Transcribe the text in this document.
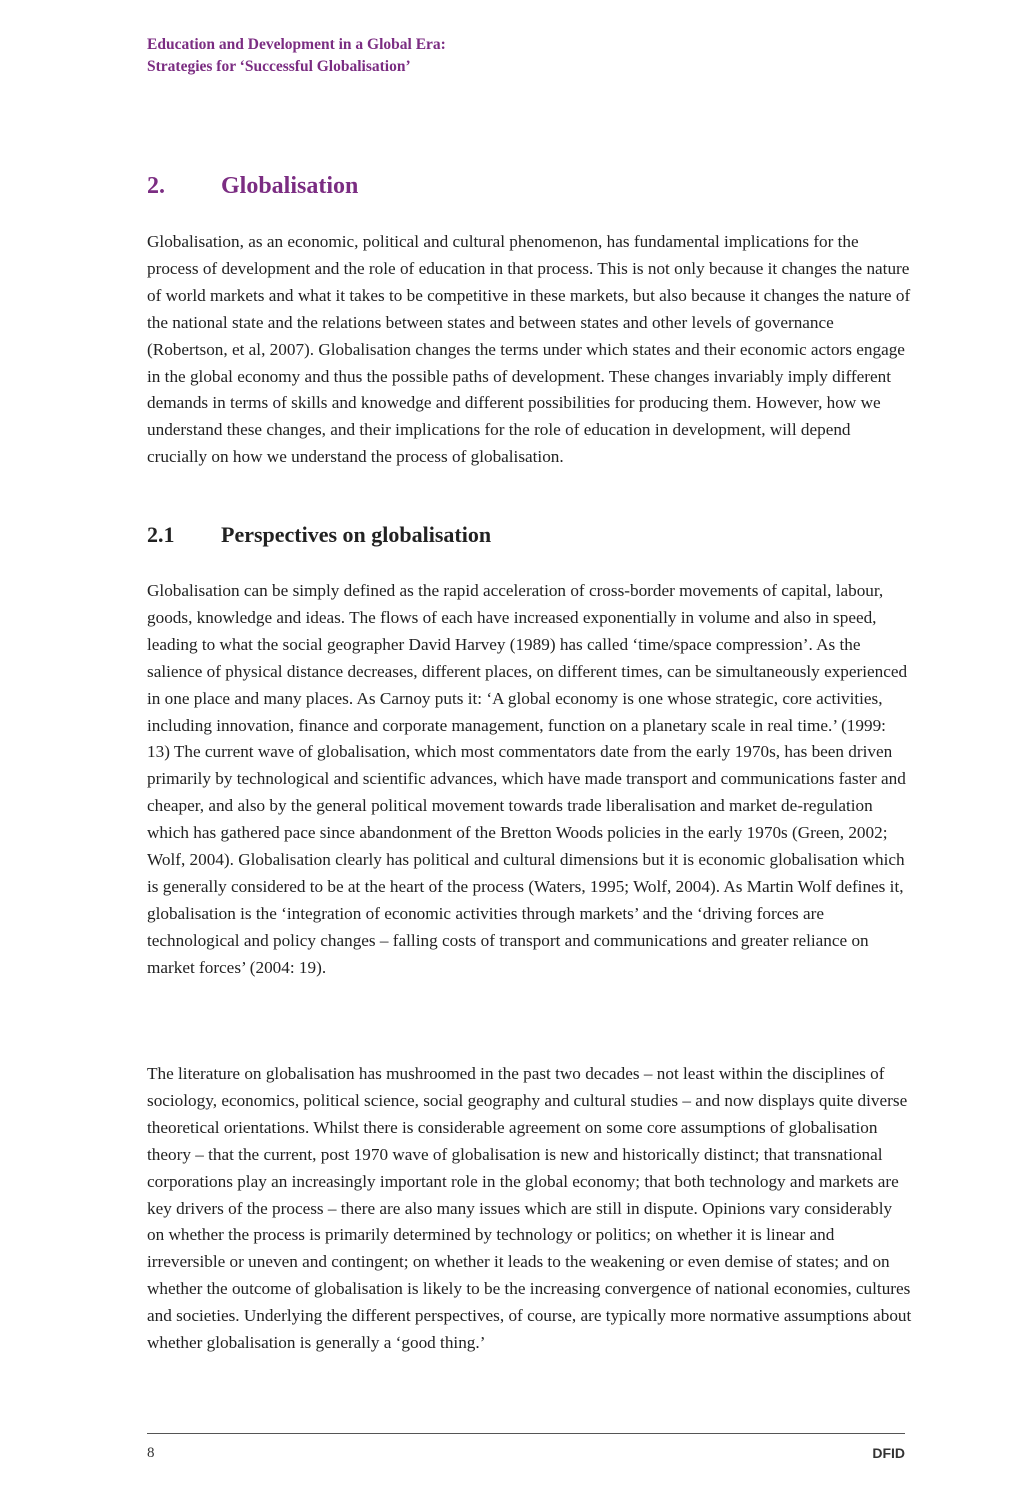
Education and Development in a Global Era:
Strategies for ‘Successful Globalisation’
2. Globalisation

Globalisation, as an economic, political and cultural phenomenon, has fundamental implications for the process of development and the role of education in that process. This is not only because it changes the nature of world markets and what it takes to be competitive in these markets, but also because it changes the nature of the national state and the relations between states and between states and other levels of governance (Robertson, et al, 2007). Globalisation changes the terms under which states and their economic actors engage in the global economy and thus the possible paths of development. These changes invariably imply different demands in terms of skills and knowedge and different possibilities for producing them. However, how we understand these changes, and their implications for the role of education in development, will depend crucially on how we understand the process of globalisation.

2.1 Perspectives on globalisation

Globalisation can be simply defined as the rapid acceleration of cross-border movements of capital, labour, goods, knowledge and ideas. The flows of each have increased exponentially in volume and also in speed, leading to what the social geographer David Harvey (1989) has called ‘time/space compression’. As the salience of physical distance decreases, different places, on different times, can be simultaneously experienced in one place and many places. As Carnoy puts it: ‘A global economy is one whose strategic, core activities, including innovation, finance and corporate management, function on a planetary scale in real time.’ (1999: 13) The current wave of globalisation, which most commentators date from the early 1970s, has been driven primarily by technological and scientific advances, which have made transport and communications faster and cheaper, and also by the general political movement towards trade liberalisation and market de-regulation which has gathered pace since abandonment of the Bretton Woods policies in the early 1970s (Green, 2002; Wolf, 2004). Globalisation clearly has political and cultural dimensions but it is economic globalisation which is generally considered to be at the heart of the process (Waters, 1995; Wolf, 2004). As Martin Wolf defines it, globalisation is the ‘integration of economic activities through markets’ and the ‘driving forces are technological and policy changes – falling costs of transport and communications and greater reliance on market forces’ (2004: 19).

The literature on globalisation has mushroomed in the past two decades – not least within the disciplines of sociology, economics, political science, social geography and cultural studies – and now displays quite diverse theoretical orientations. Whilst there is considerable agreement on some core assumptions of globalisation theory – that the current, post 1970 wave of globalisation is new and historically distinct; that transnational corporations play an increasingly important role in the global economy; that both technology and markets are key drivers of the process – there are also many issues which are still in dispute. Opinions vary considerably on whether the process is primarily determined by technology or politics; on whether it is linear and irreversible or uneven and contingent; on whether it leads to the weakening or even demise of states; and on whether the outcome of globalisation is likely to be the increasing convergence of national economies, cultures and societies. Underlying the different perspectives, of course, are typically more normative assumptions about whether globalisation is generally a ‘good thing.’

8	DFID
